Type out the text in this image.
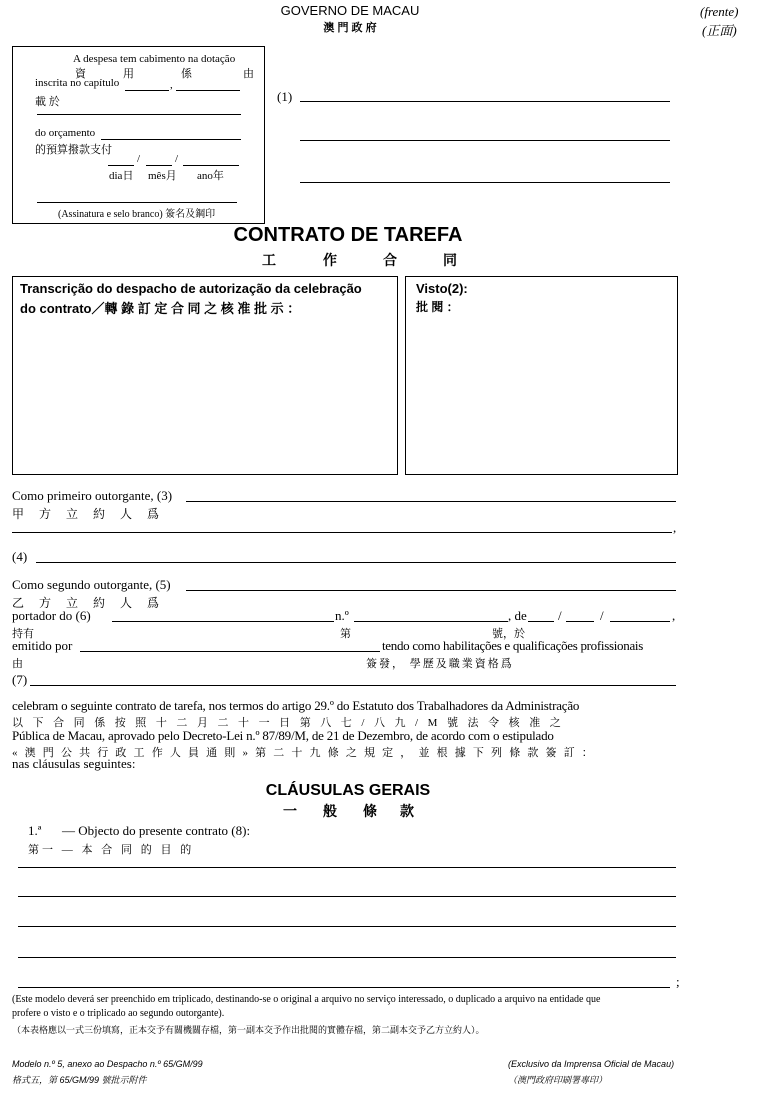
GOVERNO DE MACAU
澳 門 政 府
(frente)
(正面)
A despesa tem cabimento na dotação
資	用	係	由
inscrita no capítulo	,
載 於
do orçamento
的預算撥款支付
/	/
dia日 mês月 ano年
(Assinatura e selo branco) 簽名及鋼印
(1)
CONTRATO DE TAREFA
工	作	合	同
Transcrição do despacho de autorização da celebração
do contrato／轉 錄 訂 定 合 同 之 核 准 批 示 ：
Visto(2):
批 閱 ：
Como primeiro outorgante, (3)
甲 方 立 約 人 爲
,
(4)
Como segundo outorgante, (5)
乙 方 立 約 人 爲
portador do (6)	n.º	, de /	/	,
持有	第	號，於
emitido por	tendo como habilitações e qualificações profissionais
由	簽發， 學歷及職業資格爲
(7)
celebram o seguinte contrato de tarefa, nos termos do artigo 29.º do Estatuto dos Trabalhadores da Administração
以 下 合 同 係 按 照 十 二 月 二 十 一 日 第 八 七 / 八 九 / M 號 法 令 核 准 之
Pública de Macau, aprovado pelo Decreto-Lei n.º 87/89/M, de 21 de Dezembro, de acordo com o estipulado
« 澳 門 公 共 行 政 工 作 人 員 通 則 » 第 二 十 九 條 之 規 定 ， 並 根 據 下 列 條 款 簽 訂 ：
nas cláusulas seguintes:
CLÁUSULAS GERAIS
一 般 條 款
1.ª — Objecto do presente contrato (8):
第一 — 本 合 同 的 目 的
;
(Este modelo deverá ser preenchido em triplicado, destinando-se o original a arquivo no serviço interessado, o duplicado a arquivo na entidade que
profere o visto e o triplicado ao segundo outorgante).
（本表格應以一式三份填寫，正本交予有關機關存檔，第一副本交予作出批閱的實體存檔，第二副本交予乙方立約人）。
Modelo n.º 5, anexo ao Despacho n.º 65/GM/99
格式五，第 65/GM/99 號批示附件
(Exclusivo da Imprensa Oficial de Macau)
（澳門政府印刷署專印）
